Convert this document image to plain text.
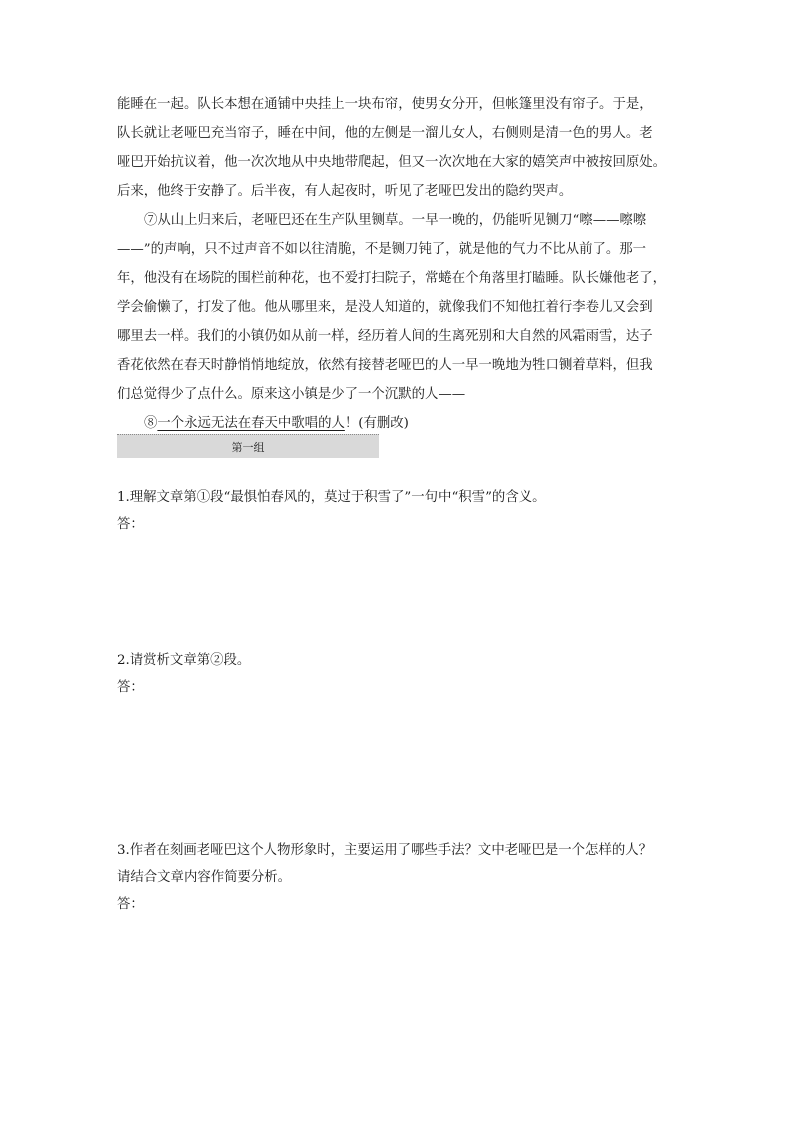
能睡在一起。队长本想在通铺中央挂上一块布帘，使男女分开，但帐篷里没有帘子。于是，
队长就让老哑巴充当帘子，睡在中间，他的左侧是一溜儿女人，右侧则是清一色的男人。老
哑巴开始抗议着，他一次次地从中央地带爬起，但又一次次地在大家的嬉笑声中被按回原处。
后来，他终于安静了。后半夜，有人起夜时，听见了老哑巴发出的隐约哭声。
⑦从山上归来后，老哑巴还在生产队里铡草。一早一晚的，仍能听见铡刀“嚓——嚓嚓
——”的声响，只不过声音不如以往清脆，不是铡刀钝了，就是他的气力不比从前了。那一
年，他没有在场院的围栏前种花，也不爱打扫院子，常蜷在个角落里打瞌睡。队长嫌他老了，
学会偷懒了，打发了他。他从哪里来，是没人知道的，就像我们不知他扛着行李卷儿又会到
哪里去一样。我们的小镇仍如从前一样，经历着人间的生离死别和大自然的风霜雨雪，达子
香花依然在春天时静悄悄地绽放，依然有接替老哑巴的人一早一晚地为牲口铡着草料，但我
们总觉得少了点什么。原来这小镇是少了一个沉默的人——
⑧一个永远无法在春天中歌唱的人！(有删改)
第一组
1.理解文章第①段“最惧怕春风的，莫过于积雪了”一句中“积雪”的含义。
答：
2.请赏析文章第②段。
答：
3.作者在刻画老哑巴这个人物形象时，主要运用了哪些手法？文中老哑巴是一个怎样的人？
请结合文章内容作简要分析。
答：
